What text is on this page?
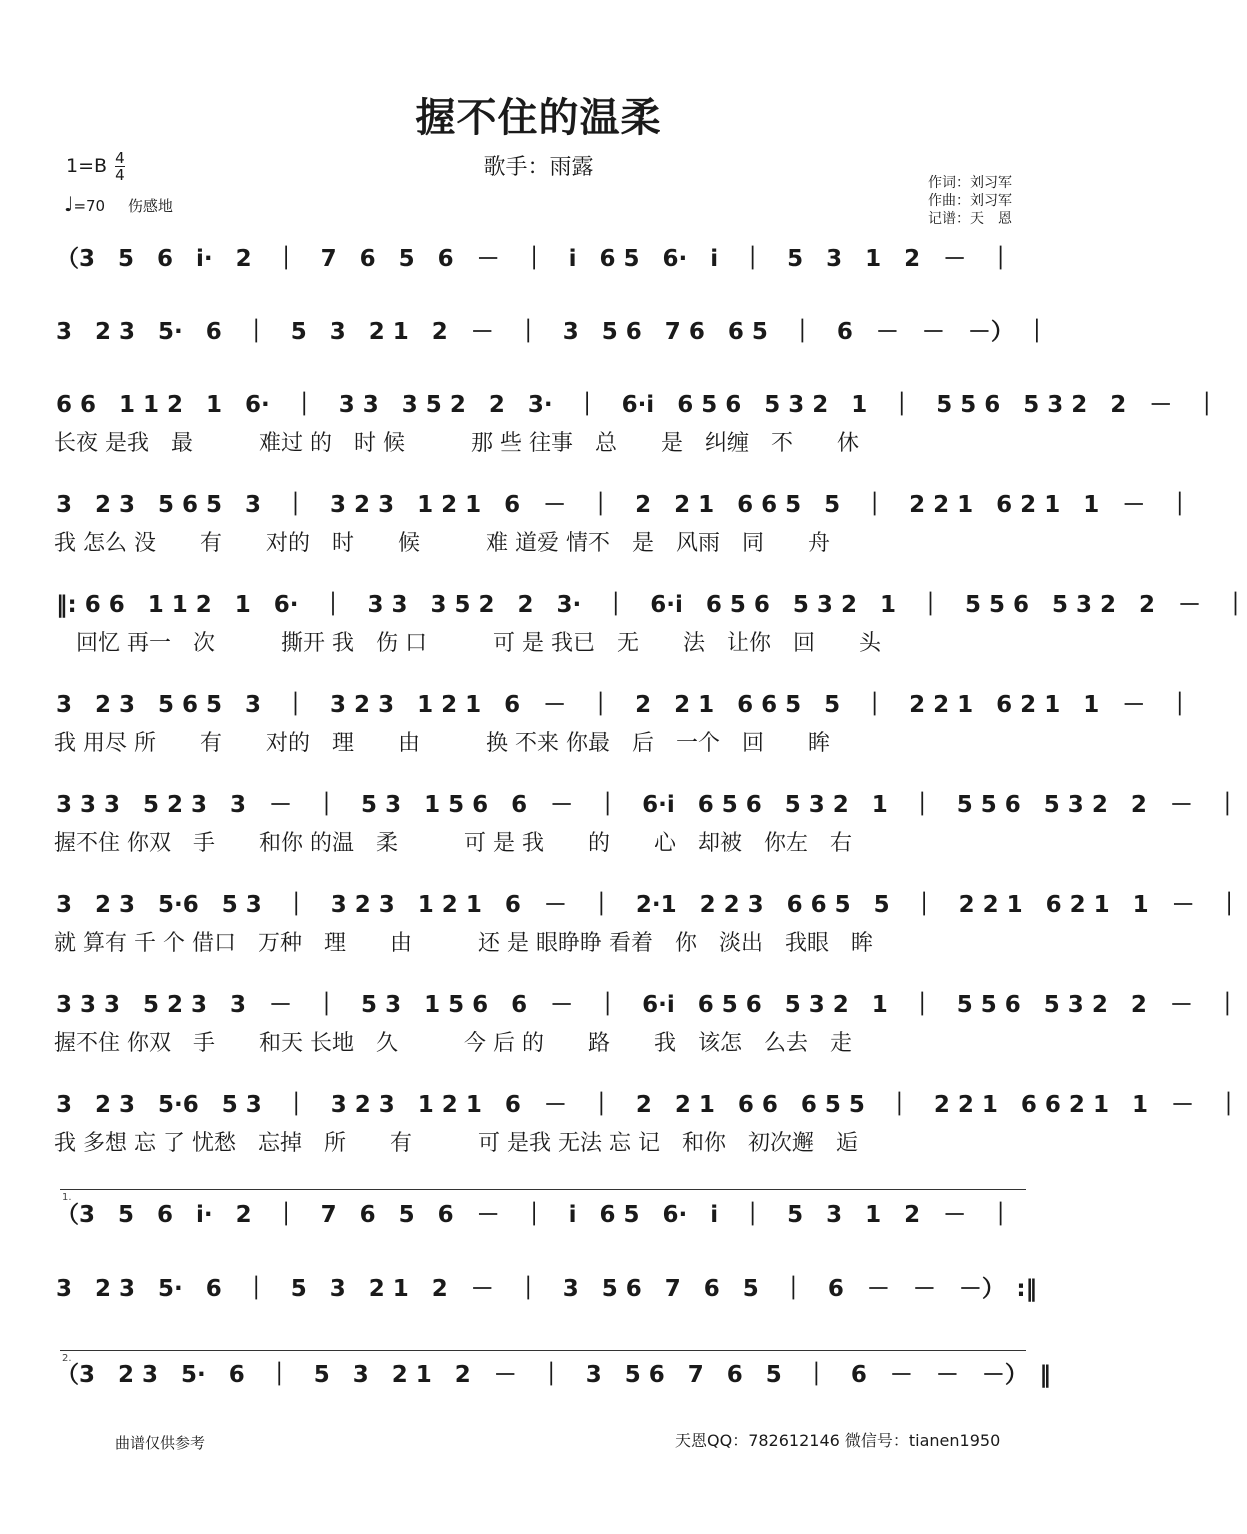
握不住的温柔
歌手：雨露
$1=B \frac{4}{4}$
♩=70 伤感地
作词：刘习军
作曲：刘习军
记谱：天　恩
（3　5　6　i·　2　｜　7　6　5　6　－　｜　i　6 5　6·　i　｜　5　3　1　2　－　｜
3　2 3　5·　6　｜　5　3　2 1　2　－　｜　3　5 6　7 6　6 5　｜　6　－　－　－）　｜
6 6　1 1 2　1　6·　｜　3 3　3 5 2　2　3·　｜　6·i　6 5 6　5 3 2　1　｜　5 5 6　5 3 2　2　－　｜
长夜 是我　最　　　难过 的　时 候　　　那 些 往事　总　　是　纠缠　不　　休
3　2 3　5 6 5　3　｜　3 2 3　1 2 1　6　－　｜　2　2 1　6 6 5　5　｜　2 2 1　6 2 1　1　－　｜
我 怎么 没　　有　　对的　时　　候　　　难 道爱 情不　是　风雨　同　　舟
‖: 6 6　1 1 2　1　6·　｜　3 3　3 5 2　2　3·　｜　6·i　6 5 6　5 3 2　1　｜　5 5 6　5 3 2　2　－　｜
　回忆 再一　次　　　撕开 我　伤 口　　　可 是 我已　无　　法　让你　回　　头
3　2 3　5 6 5　3　｜　3 2 3　1 2 1　6　－　｜　2　2 1　6 6 5　5　｜　2 2 1　6 2 1　1　－　｜
我 用尽 所　　有　　对的　理　　由　　　换 不来 你最　后　一个　回　　眸
3 3 3　5 2 3　3　－　｜　5 3　1 5 6　6　－　｜　6·i　6 5 6　5 3 2　1　｜　5 5 6　5 3 2　2　－　｜
握不住 你双　手　　和你 的温　柔　　　可 是 我　　的　　心　却被　你左　右
3　2 3　5·6　5 3　｜　3 2 3　1 2 1　6　－　｜　2·1　2 2 3　6 6 5　5　｜　2 2 1　6 2 1　1　－　｜
就 算有 千 个 借口　万种　理　　由　　　还 是 眼睁睁 看着　你　淡出　我眼　眸
3 3 3　5 2 3　3　－　｜　5 3　1 5 6　6　－　｜　6·i　6 5 6　5 3 2　1　｜　5 5 6　5 3 2　2　－　｜
握不住 你双　手　　和天 长地　久　　　今 后 的　　路　　我　该怎　么去　走
3　2 3　5·6　5 3　｜　3 2 3　1 2 1　6　－　｜　2　2 1　6 6　6 5 5　｜　2 2 1　6 6 2 1　1　－　｜
我 多想 忘 了 忧愁　忘掉　所　　有　　　可 是我 无法 忘 记　和你　初次邂　逅
（3　5　6　i·　2　｜　7　6　5　6　－　｜　i　6 5　6·　i　｜　5　3　1　2　－　｜
3　2 3　5·　6　｜　5　3　2 1　2　－　｜　3　5 6　7　6　5　｜　6　－　－　－）　:‖
（3　2 3　5·　6　｜　5　3　2 1　2　－　｜　3　5 6　7　6　5　｜　6　－　－　－）　‖
1.
2.
曲谱仅供参考	天恩QQ：782612146 微信号：tianen1950
